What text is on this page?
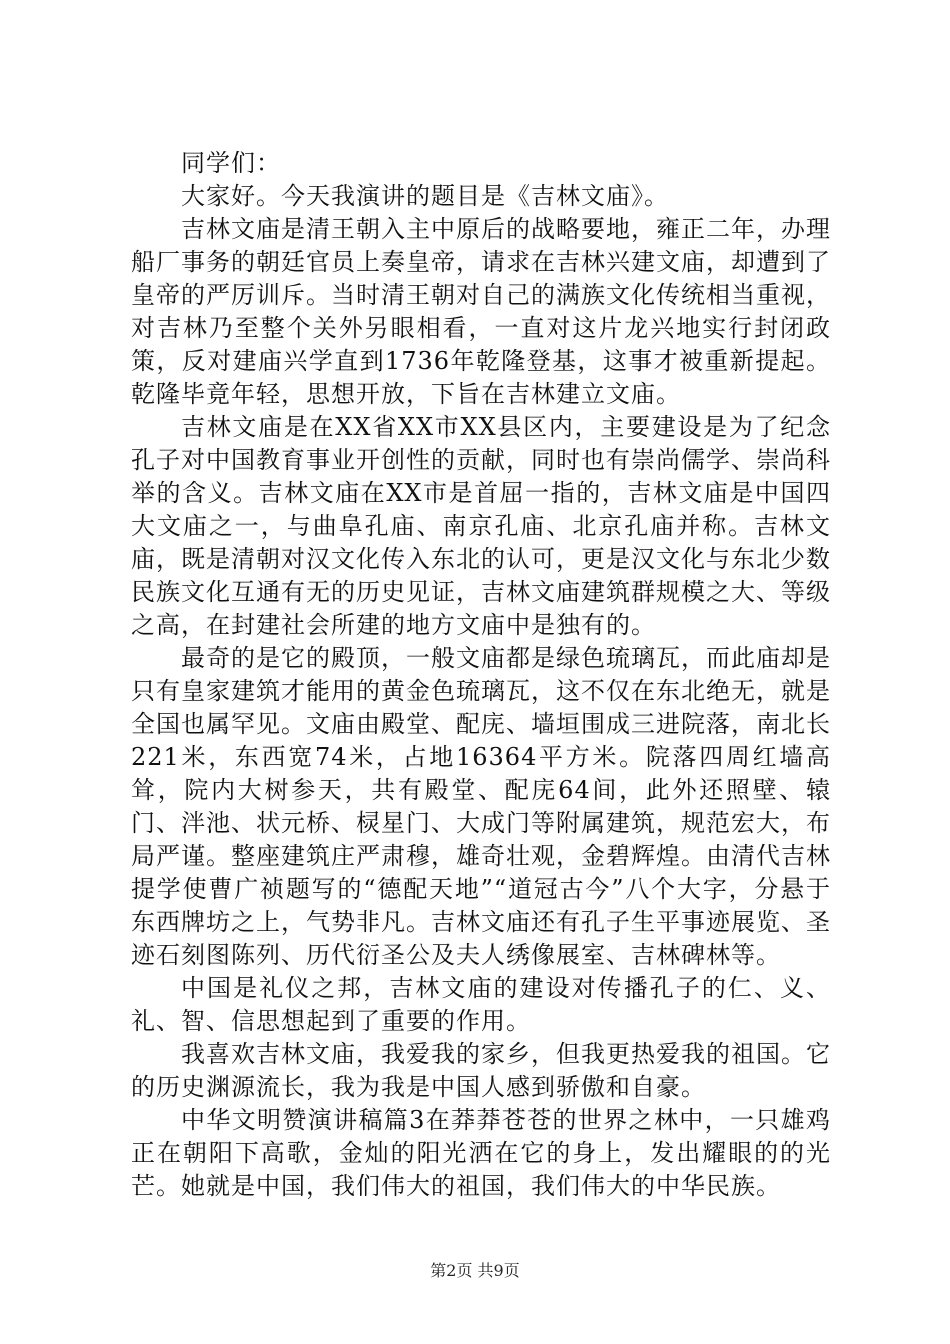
同学们：

大家好。今天我演讲的题目是《吉林文庙》。

吉林文庙是清王朝入主中原后的战略要地，雍正二年，办理船厂事务的朝廷官员上奏皇帝，请求在吉林兴建文庙，却遭到了皇帝的严厉训斥。当时清王朝对自己的满族文化传统相当重视，对吉林乃至整个关外另眼相看，一直对这片龙兴地实行封闭政策，反对建庙兴学直到1736年乾隆登基，这事才被重新提起。乾隆毕竟年轻，思想开放，下旨在吉林建立文庙。

吉林文庙是在XX省XX市XX县区内，主要建设是为了纪念孔子对中国教育事业开创性的贡献，同时也有崇尚儒学、崇尚科举的含义。吉林文庙在XX市是首屈一指的，吉林文庙是中国四大文庙之一，与曲阜孔庙、南京孔庙、北京孔庙并称。吉林文庙，既是清朝对汉文化传入东北的认可，更是汉文化与东北少数民族文化互通有无的历史见证，吉林文庙建筑群规模之大、等级之高，在封建社会所建的地方文庙中是独有的。

最奇的是它的殿顶，一般文庙都是绿色琉璃瓦，而此庙却是只有皇家建筑才能用的黄金色琉璃瓦，这不仅在东北绝无，就是全国也属罕见。文庙由殿堂、配庑、墙垣围成三进院落，南北长221米，东西宽74米，占地16364平方米。院落四周红墙高耸，院内大树参天，共有殿堂、配庑64间，此外还照壁、辕门、泮池、状元桥、棂星门、大成门等附属建筑，规范宏大，布局严谨。整座建筑庄严肃穆，雄奇壮观，金碧辉煌。由清代吉林提学使曹广祯题写的“德配天地”“道冠古今”八个大字，分悬于东西牌坊之上，气势非凡。吉林文庙还有孔子生平事迹展览、圣迹石刻图陈列、历代衍圣公及夫人绣像展室、吉林碑林等。

中国是礼仪之邦，吉林文庙的建设对传播孔子的仁、义、礼、智、信思想起到了重要的作用。

我喜欢吉林文庙，我爱我的家乡，但我更热爱我的祖国。它的历史渊源流长，我为我是中国人感到骄傲和自豪。

中华文明赞演讲稿篇3在莽莽苍苍的世界之林中，一只雄鸡正在朝阳下高歌，金灿的阳光洒在它的身上，发出耀眼的的光芒。她就是中国，我们伟大的祖国，我们伟大的中华民族。

第2页 共9页
